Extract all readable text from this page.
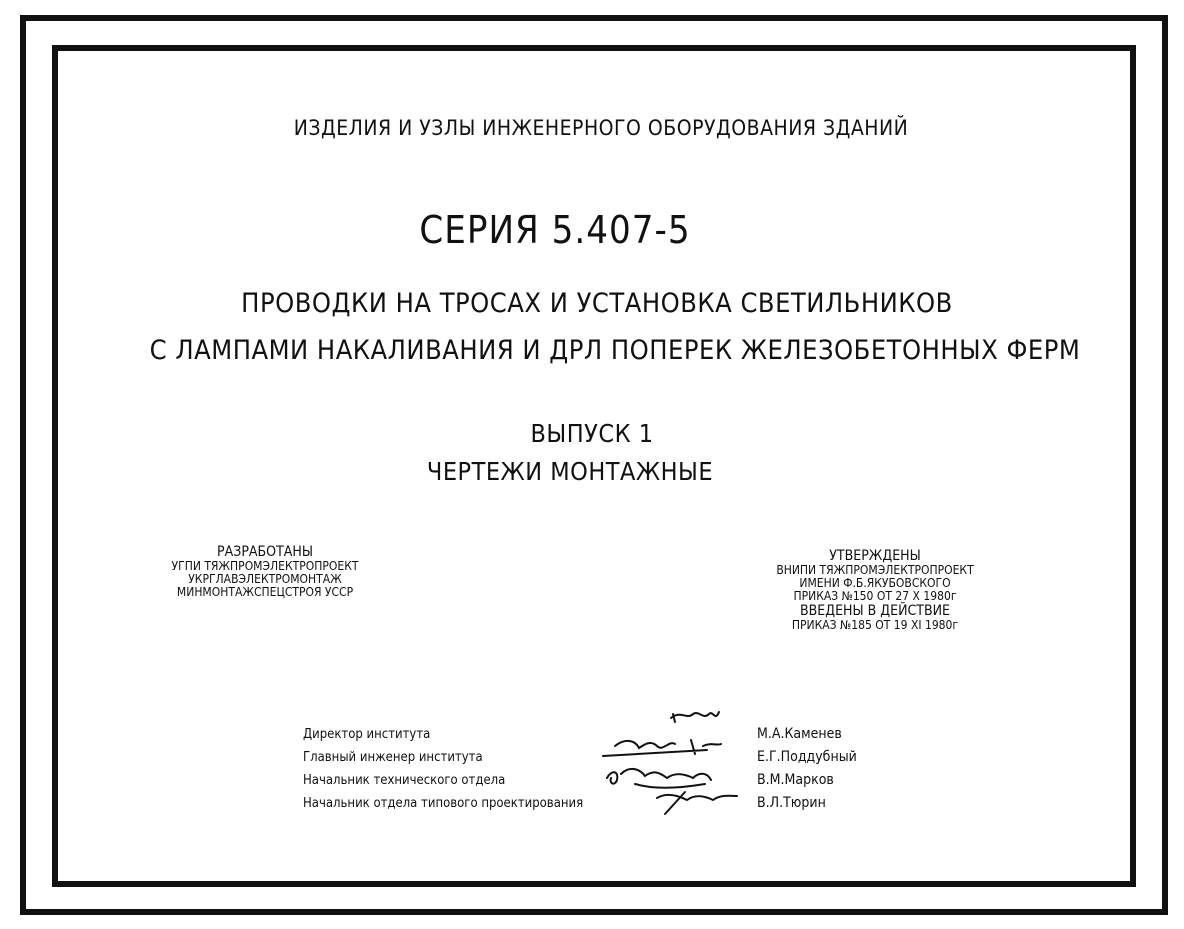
ИЗДЕЛИЯ И УЗЛЫ ИНЖЕНЕРНОГО ОБОРУДОВАНИЯ ЗДАНИЙ
СЕРИЯ 5.407-5
ПРОВОДКИ НА ТРОСАХ И УСТАНОВКА СВЕТИЛЬНИКОВ
С ЛАМПАМИ НАКАЛИВАНИЯ И ДРЛ ПОПЕРЕК ЖЕЛЕЗОБЕТОННЫХ ФЕРМ
ВЫПУСК 1
ЧЕРТЕЖИ МОНТАЖНЫЕ
РАЗРАБОТАНЫ
УГПИ ТЯЖПРОМЭЛЕКТРОПРОЕКТ
УКРГЛАВЭЛЕКТРОМОНТАЖ
МИНМОНТАЖСПЕЦСТРОЯ УССР
УТВЕРЖДЕНЫ
ВНИПИ ТЯЖПРОМЭЛЕКТРОПРОЕКТ
ИМЕНИ Ф.Б.ЯКУБОВСКОГО
ПРИКАЗ №150 ОТ 27 X 1980г
ВВЕДЕНЫ В ДЕЙСТВИЕ
ПРИКАЗ №185 ОТ 19 XI 1980г
Директор института
Главный инженер института
Начальник технического отдела
Начальник отдела типового проектирования
М.А.Каменев
Е.Г.Поддубный
В.М.Марков
В.Л.Тюрин
